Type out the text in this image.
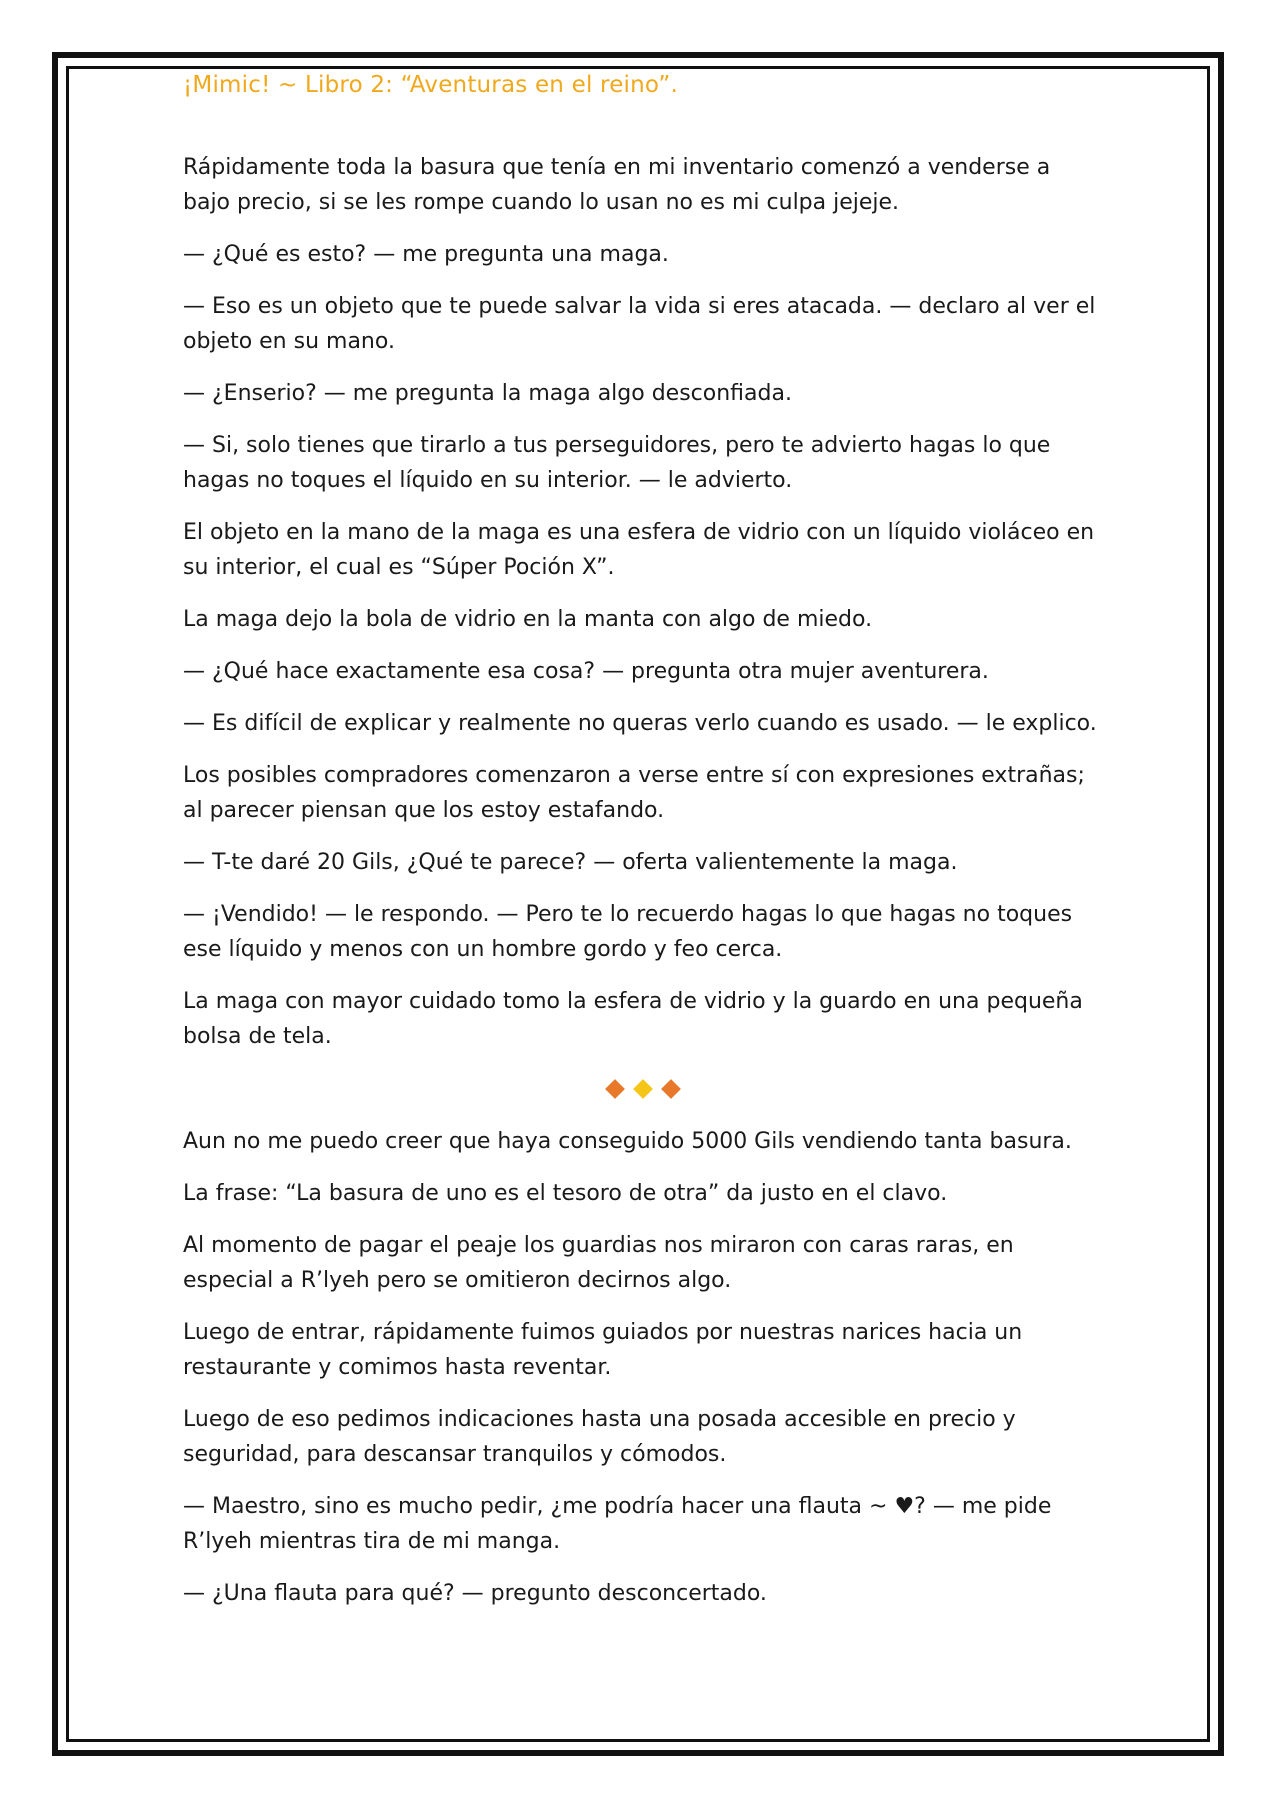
¡Mimic! ~ Libro 2: “Aventuras en el reino”.

Rápidamente toda la basura que tenía en mi inventario comenzó a venderse a bajo precio, si se les rompe cuando lo usan no es mi culpa jejeje.

— ¿Qué es esto? — me pregunta una maga.

— Eso es un objeto que te puede salvar la vida si eres atacada. — declaro al ver el objeto en su mano.

— ¿Enserio? — me pregunta la maga algo desconfiada.

— Si, solo tienes que tirarlo a tus perseguidores, pero te advierto hagas lo que hagas no toques el líquido en su interior. — le advierto.

El objeto en la mano de la maga es una esfera de vidrio con un líquido violáceo en su interior, el cual es “Súper Poción X”.

La maga dejo la bola de vidrio en la manta con algo de miedo.

— ¿Qué hace exactamente esa cosa? — pregunta otra mujer aventurera.

— Es difícil de explicar y realmente no queras verlo cuando es usado. — le explico.

Los posibles compradores comenzaron a verse entre sí con expresiones extrañas; al parecer piensan que los estoy estafando.

— T-te daré 20 Gils, ¿Qué te parece? — oferta valientemente la maga.

— ¡Vendido! — le respondo. — Pero te lo recuerdo hagas lo que hagas no toques ese líquido y menos con un hombre gordo y feo cerca.

La maga con mayor cuidado tomo la esfera de vidrio y la guardo en una pequeña bolsa de tela.

Aun no me puedo creer que haya conseguido 5000 Gils vendiendo tanta basura.

La frase: “La basura de uno es el tesoro de otra” da justo en el clavo.

Al momento de pagar el peaje los guardias nos miraron con caras raras, en especial a R’lyeh pero se omitieron decirnos algo.

Luego de entrar, rápidamente fuimos guiados por nuestras narices hacia un restaurante y comimos hasta reventar.

Luego de eso pedimos indicaciones hasta una posada accesible en precio y seguridad, para descansar tranquilos y cómodos.

— Maestro, sino es mucho pedir, ¿me podría hacer una flauta ~ ♥? — me pide R’lyeh mientras tira de mi manga.

— ¿Una flauta para qué? — pregunto desconcertado.
